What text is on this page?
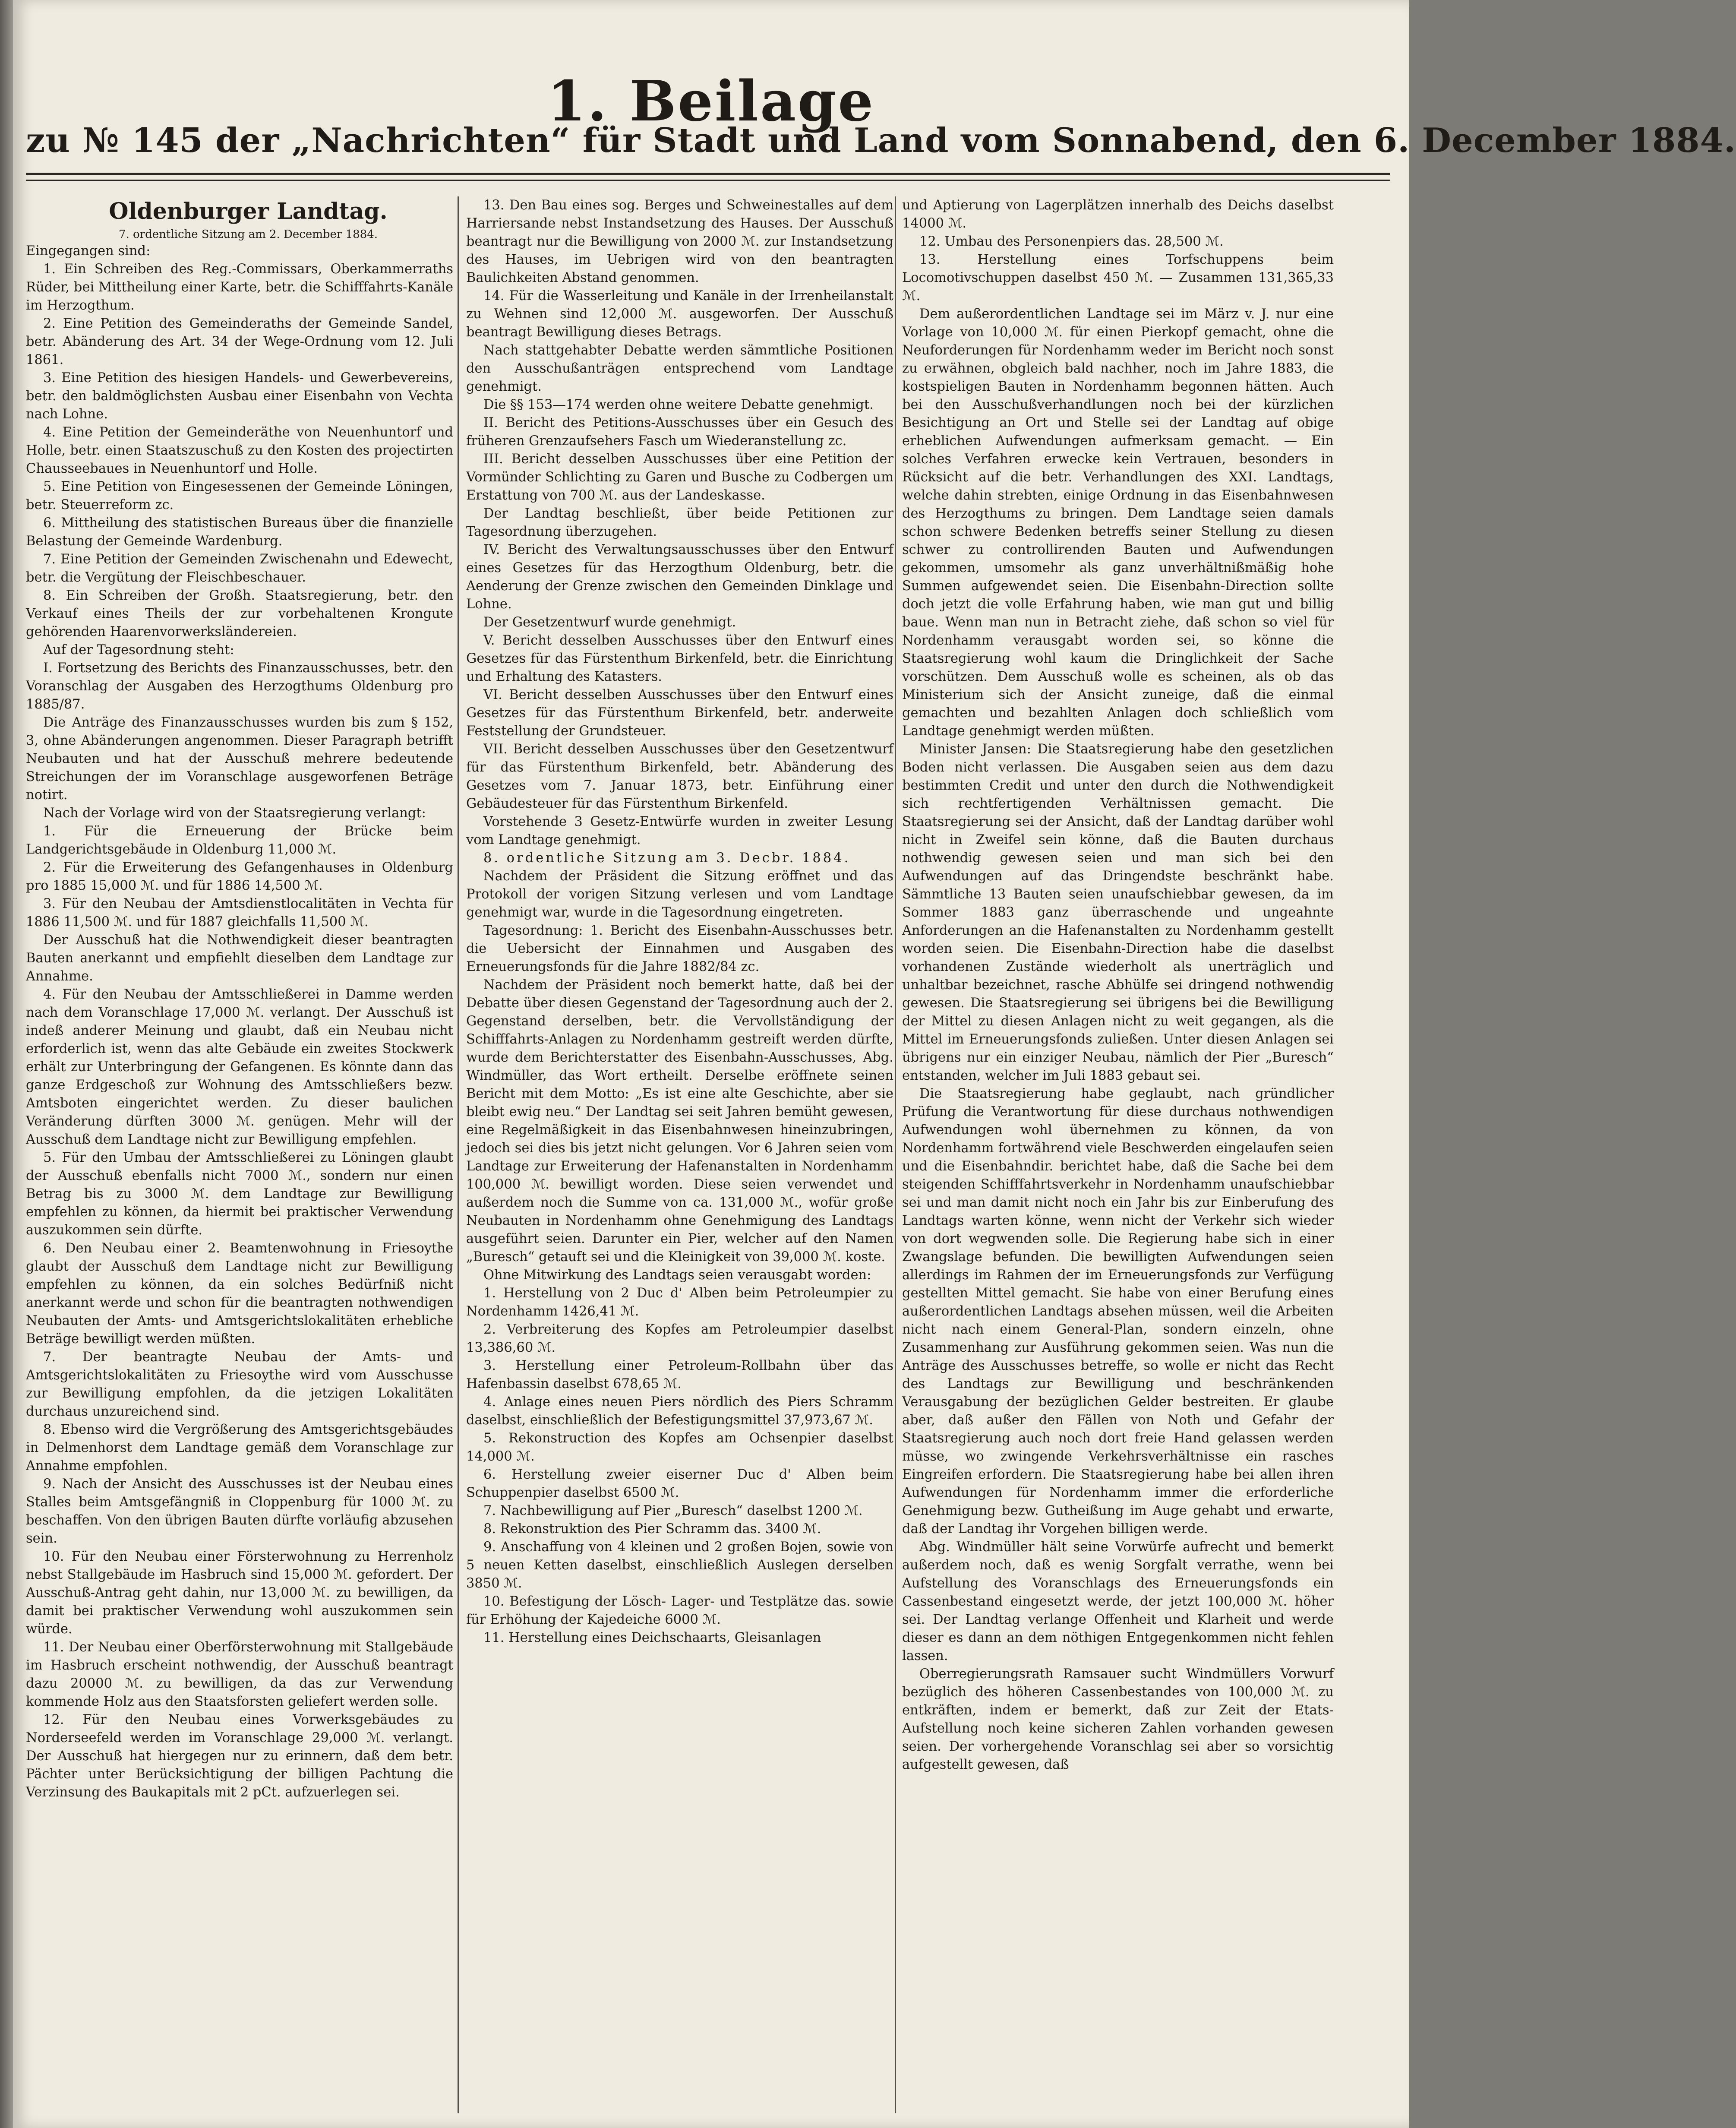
1. Beilage
zu № 145 der „Nachrichten“ für Stadt und Land vom Sonnabend, den 6. December 1884.

Oldenburger Landtag.

7. ordentliche Sitzung am 2. December 1884.

Eingegangen sind:

1. Ein Schreiben des Reg.-Commissars, Oberkammerraths Rüder, bei Mittheilung einer Karte, betr. die Schifffahrts-Kanäle im Herzogthum.

2. Eine Petition des Gemeinderaths der Gemeinde Sandel, betr. Abänderung des Art. 34 der Wege-Ordnung vom 12. Juli 1861.

3. Eine Petition des hiesigen Handels- und Gewerbevereins, betr. den baldmöglichsten Ausbau einer Eisenbahn von Vechta nach Lohne.

4. Eine Petition der Gemeinderäthe von Neuenhuntorf und Holle, betr. einen Staatszuschuß zu den Kosten des projectirten Chausseebaues in Neuenhuntorf und Holle.

5. Eine Petition von Eingesessenen der Gemeinde Löningen, betr. Steuerreform zc.

6. Mittheilung des statistischen Bureaus über die finanzielle Belastung der Gemeinde Wardenburg.

7. Eine Petition der Gemeinden Zwischenahn und Edewecht, betr. die Vergütung der Fleischbeschauer.

8. Ein Schreiben der Großh. Staatsregierung, betr. den Verkauf eines Theils der zur vorbehaltenen Krongute gehörenden Haarenvorwerksländereien.

Auf der Tagesordnung steht:

I. Fortsetzung des Berichts des Finanzausschusses, betr. den Voranschlag der Ausgaben des Herzogthums Oldenburg pro 1885/87.

Die Anträge des Finanzausschusses wurden bis zum § 152, 3, ohne Abänderungen angenommen. Dieser Paragraph betrifft Neubauten und hat der Ausschuß mehrere bedeutende Streichungen der im Voranschlage ausgeworfenen Beträge notirt.

Nach der Vorlage wird von der Staatsregierung verlangt:

1. Für die Erneuerung der Brücke beim Landgerichtsgebäude in Oldenburg 11,000 ℳ.

2. Für die Erweiterung des Gefangenhauses in Oldenburg pro 1885 15,000 ℳ. und für 1886 14,500 ℳ.

3. Für den Neubau der Amtsdienstlocalitäten in Vechta für 1886 11,500 ℳ. und für 1887 gleichfalls 11,500 ℳ.

Der Ausschuß hat die Nothwendigkeit dieser beantragten Bauten anerkannt und empfiehlt dieselben dem Landtage zur Annahme.

4. Für den Neubau der Amtsschließerei in Damme werden nach dem Voranschlage 17,000 ℳ. verlangt. Der Ausschuß ist indeß anderer Meinung und glaubt, daß ein Neubau nicht erforderlich ist, wenn das alte Gebäude ein zweites Stockwerk erhält zur Unterbringung der Gefangenen. Es könnte dann das ganze Erdgeschoß zur Wohnung des Amtsschließers bezw. Amtsboten eingerichtet werden. Zu dieser baulichen Veränderung dürften 3000 ℳ. genügen. Mehr will der Ausschuß dem Landtage nicht zur Bewilligung empfehlen.

5. Für den Umbau der Amtsschließerei zu Löningen glaubt der Ausschuß ebenfalls nicht 7000 ℳ., sondern nur einen Betrag bis zu 3000 ℳ. dem Landtage zur Bewilligung empfehlen zu können, da hiermit bei praktischer Verwendung auszukommen sein dürfte.

6. Den Neubau einer 2. Beamtenwohnung in Friesoythe glaubt der Ausschuß dem Landtage nicht zur Bewilligung empfehlen zu können, da ein solches Bedürfniß nicht anerkannt werde und schon für die beantragten nothwendigen Neubauten der Amts- und Amtsgerichtslokalitäten erhebliche Beträge bewilligt werden müßten.

7. Der beantragte Neubau der Amts- und Amtsgerichtslokalitäten zu Friesoythe wird vom Ausschusse zur Bewilligung empfohlen, da die jetzigen Lokalitäten durchaus unzureichend sind.

8. Ebenso wird die Vergrößerung des Amtsgerichtsgebäudes in Delmenhorst dem Landtage gemäß dem Voranschlage zur Annahme empfohlen.

9. Nach der Ansicht des Ausschusses ist der Neubau eines Stalles beim Amtsgefängniß in Cloppenburg für 1000 ℳ. zu beschaffen. Von den übrigen Bauten dürfte vorläufig abzusehen sein.

10. Für den Neubau einer Försterwohnung zu Herrenholz nebst Stallgebäude im Hasbruch sind 15,000 ℳ. gefordert. Der Ausschuß-Antrag geht dahin, nur 13,000 ℳ. zu bewilligen, da damit bei praktischer Verwendung wohl auszukommen sein würde.

11. Der Neubau einer Oberförsterwohnung mit Stallgebäude im Hasbruch erscheint nothwendig, der Ausschuß beantragt dazu 20000 ℳ. zu bewilligen, da das zur Verwendung kommende Holz aus den Staatsforsten geliefert werden solle.

12. Für den Neubau eines Vorwerksgebäudes zu Norderseefeld werden im Voranschlage 29,000 ℳ. verlangt. Der Ausschuß hat hiergegen nur zu erinnern, daß dem betr. Pächter unter Berücksichtigung der billigen Pachtung die Verzinsung des Baukapitals mit 2 pCt. aufzuerlegen sei.

13. Den Bau eines sog. Berges und Schweinestalles auf dem Harriersande nebst Instandsetzung des Hauses. Der Ausschuß beantragt nur die Bewilligung von 2000 ℳ. zur Instandsetzung des Hauses, im Uebrigen wird von den beantragten Baulichkeiten Abstand genommen.

14. Für die Wasserleitung und Kanäle in der Irrenheilanstalt zu Wehnen sind 12,000 ℳ. ausgeworfen. Der Ausschuß beantragt Bewilligung dieses Betrags.

Nach stattgehabter Debatte werden sämmtliche Positionen den Ausschußanträgen entsprechend vom Landtage genehmigt.

Die §§ 153—174 werden ohne weitere Debatte genehmigt.

II. Bericht des Petitions-Ausschusses über ein Gesuch des früheren Grenzaufsehers Fasch um Wiederanstellung zc.

III. Bericht desselben Ausschusses über eine Petition der Vormünder Schlichting zu Garen und Busche zu Codbergen um Erstattung von 700 ℳ. aus der Landeskasse.

Der Landtag beschließt, über beide Petitionen zur Tagesordnung überzugehen.

IV. Bericht des Verwaltungsausschusses über den Entwurf eines Gesetzes für das Herzogthum Oldenburg, betr. die Aenderung der Grenze zwischen den Gemeinden Dinklage und Lohne.

Der Gesetzentwurf wurde genehmigt.

V. Bericht desselben Ausschusses über den Entwurf eines Gesetzes für das Fürstenthum Birkenfeld, betr. die Einrichtung und Erhaltung des Katasters.

VI. Bericht desselben Ausschusses über den Entwurf eines Gesetzes für das Fürstenthum Birkenfeld, betr. anderweite Feststellung der Grundsteuer.

VII. Bericht desselben Ausschusses über den Gesetzentwurf für das Fürstenthum Birkenfeld, betr. Abänderung des Gesetzes vom 7. Januar 1873, betr. Einführung einer Gebäudesteuer für das Fürstenthum Birkenfeld.

Vorstehende 3 Gesetz-Entwürfe wurden in zweiter Lesung vom Landtage genehmigt.

8. ordentliche Sitzung am 3. Decbr. 1884.

Nachdem der Präsident die Sitzung eröffnet und das Protokoll der vorigen Sitzung verlesen und vom Landtage genehmigt war, wurde in die Tagesordnung eingetreten.

Tagesordnung: 1. Bericht des Eisenbahn-Ausschusses betr. die Uebersicht der Einnahmen und Ausgaben des Erneuerungsfonds für die Jahre 1882/84 zc.

Nachdem der Präsident noch bemerkt hatte, daß bei der Debatte über diesen Gegenstand der Tagesordnung auch der 2. Gegenstand derselben, betr. die Vervollständigung der Schifffahrts-Anlagen zu Nordenhamm gestreift werden dürfte, wurde dem Berichterstatter des Eisenbahn-Ausschusses, Abg. Windmüller, das Wort ertheilt. Derselbe eröffnete seinen Bericht mit dem Motto: „Es ist eine alte Geschichte, aber sie bleibt ewig neu.“ Der Landtag sei seit Jahren bemüht gewesen, eine Regelmäßigkeit in das Eisenbahnwesen hineinzubringen, jedoch sei dies bis jetzt nicht gelungen. Vor 6 Jahren seien vom Landtage zur Erweiterung der Hafenanstalten in Nordenhamm 100,000 ℳ. bewilligt worden. Diese seien verwendet und außerdem noch die Summe von ca. 131,000 ℳ., wofür große Neubauten in Nordenhamm ohne Genehmigung des Landtags ausgeführt seien. Darunter ein Pier, welcher auf den Namen „Buresch“ getauft sei und die Kleinigkeit von 39,000 ℳ. koste.

Ohne Mitwirkung des Landtags seien verausgabt worden:

1. Herstellung von 2 Duc d' Alben beim Petroleumpier zu Nordenhamm 1426,41 ℳ.

2. Verbreiterung des Kopfes am Petroleumpier daselbst 13,386,60 ℳ.

3. Herstellung einer Petroleum-Rollbahn über das Hafenbassin daselbst 678,65 ℳ.

4. Anlage eines neuen Piers nördlich des Piers Schramm daselbst, einschließlich der Befestigungsmittel 37,973,67 ℳ.

5. Rekonstruction des Kopfes am Ochsenpier daselbst 14,000 ℳ.

6. Herstellung zweier eiserner Duc d' Alben beim Schuppenpier daselbst 6500 ℳ.

7. Nachbewilligung auf Pier „Buresch“ daselbst 1200 ℳ.

8. Rekonstruktion des Pier Schramm das. 3400 ℳ.

9. Anschaffung von 4 kleinen und 2 großen Bojen, sowie von 5 neuen Ketten daselbst, einschließlich Auslegen derselben 3850 ℳ.

10. Befestigung der Lösch- Lager- und Testplätze das. sowie für Erhöhung der Kajedeiche 6000 ℳ.

11. Herstellung eines Deichschaarts, Gleisanlagen

und Aptierung von Lagerplätzen innerhalb des Deichs daselbst 14000 ℳ.

12. Umbau des Personenpiers das. 28,500 ℳ.

13. Herstellung eines Torfschuppens beim Locomotivschuppen daselbst 450 ℳ. — Zusammen 131,365,33 ℳ.

Dem außerordentlichen Landtage sei im März v. J. nur eine Vorlage von 10,000 ℳ. für einen Pierkopf gemacht, ohne die Neuforderungen für Nordenhamm weder im Bericht noch sonst zu erwähnen, obgleich bald nachher, noch im Jahre 1883, die kostspieligen Bauten in Nordenhamm begonnen hätten. Auch bei den Ausschußverhandlungen noch bei der kürzlichen Besichtigung an Ort und Stelle sei der Landtag auf obige erheblichen Aufwendungen aufmerksam gemacht. — Ein solches Verfahren erwecke kein Vertrauen, besonders in Rücksicht auf die betr. Verhandlungen des XXI. Landtags, welche dahin strebten, einige Ordnung in das Eisenbahnwesen des Herzogthums zu bringen. Dem Landtage seien damals schon schwere Bedenken betreffs seiner Stellung zu diesen schwer zu controllirenden Bauten und Aufwendungen gekommen, umsomehr als ganz unverhältnißmäßig hohe Summen aufgewendet seien. Die Eisenbahn-Direction sollte doch jetzt die volle Erfahrung haben, wie man gut und billig baue. Wenn man nun in Betracht ziehe, daß schon so viel für Nordenhamm verausgabt worden sei, so könne die Staatsregierung wohl kaum die Dringlichkeit der Sache vorschützen. Dem Ausschuß wolle es scheinen, als ob das Ministerium sich der Ansicht zuneige, daß die einmal gemachten und bezahlten Anlagen doch schließlich vom Landtage genehmigt werden müßten.

Minister Jansen: Die Staatsregierung habe den gesetzlichen Boden nicht verlassen. Die Ausgaben seien aus dem dazu bestimmten Credit und unter den durch die Nothwendigkeit sich rechtfertigenden Verhältnissen gemacht. Die Staatsregierung sei der Ansicht, daß der Landtag darüber wohl nicht in Zweifel sein könne, daß die Bauten durchaus nothwendig gewesen seien und man sich bei den Aufwendungen auf das Dringendste beschränkt habe. Sämmtliche 13 Bauten seien unaufschiebbar gewesen, da im Sommer 1883 ganz überraschende und ungeahnte Anforderungen an die Hafenanstalten zu Nordenhamm gestellt worden seien. Die Eisenbahn-Direction habe die daselbst vorhandenen Zustände wiederholt als unerträglich und unhaltbar bezeichnet, rasche Abhülfe sei dringend nothwendig gewesen. Die Staatsregierung sei übrigens bei die Bewilligung der Mittel zu diesen Anlagen nicht zu weit gegangen, als die Mittel im Erneuerungsfonds zuließen. Unter diesen Anlagen sei übrigens nur ein einziger Neubau, nämlich der Pier „Buresch“ entstanden, welcher im Juli 1883 gebaut sei.

Die Staatsregierung habe geglaubt, nach gründlicher Prüfung die Verantwortung für diese durchaus nothwendigen Aufwendungen wohl übernehmen zu können, da von Nordenhamm fortwährend viele Beschwerden eingelaufen seien und die Eisenbahndir. berichtet habe, daß die Sache bei dem steigenden Schifffahrtsverkehr in Nordenhamm unaufschiebbar sei und man damit nicht noch ein Jahr bis zur Einberufung des Landtags warten könne, wenn nicht der Verkehr sich wieder von dort wegwenden solle. Die Regierung habe sich in einer Zwangslage befunden. Die bewilligten Aufwendungen seien allerdings im Rahmen der im Erneuerungsfonds zur Verfügung gestellten Mittel gemacht. Sie habe von einer Berufung eines außerordentlichen Landtags absehen müssen, weil die Arbeiten nicht nach einem General-Plan, sondern einzeln, ohne Zusammenhang zur Ausführung gekommen seien. Was nun die Anträge des Ausschusses betreffe, so wolle er nicht das Recht des Landtags zur Bewilligung und beschränkenden Verausgabung der bezüglichen Gelder bestreiten. Er glaube aber, daß außer den Fällen von Noth und Gefahr der Staatsregierung auch noch dort freie Hand gelassen werden müsse, wo zwingende Verkehrsverhältnisse ein rasches Eingreifen erfordern. Die Staatsregierung habe bei allen ihren Aufwendungen für Nordenhamm immer die erforderliche Genehmigung bezw. Gutheißung im Auge gehabt und erwarte, daß der Landtag ihr Vorgehen billigen werde.

Abg. Windmüller hält seine Vorwürfe aufrecht und bemerkt außerdem noch, daß es wenig Sorgfalt verrathe, wenn bei Aufstellung des Voranschlags des Erneuerungsfonds ein Cassenbestand eingesetzt werde, der jetzt 100,000 ℳ. höher sei. Der Landtag verlange Offenheit und Klarheit und werde dieser es dann an dem nöthigen Entgegenkommen nicht fehlen lassen.

Oberregierungsrath Ramsauer sucht Windmüllers Vorwurf bezüglich des höheren Cassenbestandes von 100,000 ℳ. zu entkräften, indem er bemerkt, daß zur Zeit der Etats-Aufstellung noch keine sicheren Zahlen vorhanden gewesen seien. Der vorhergehende Voranschlag sei aber so vorsichtig aufgestellt gewesen, daß
